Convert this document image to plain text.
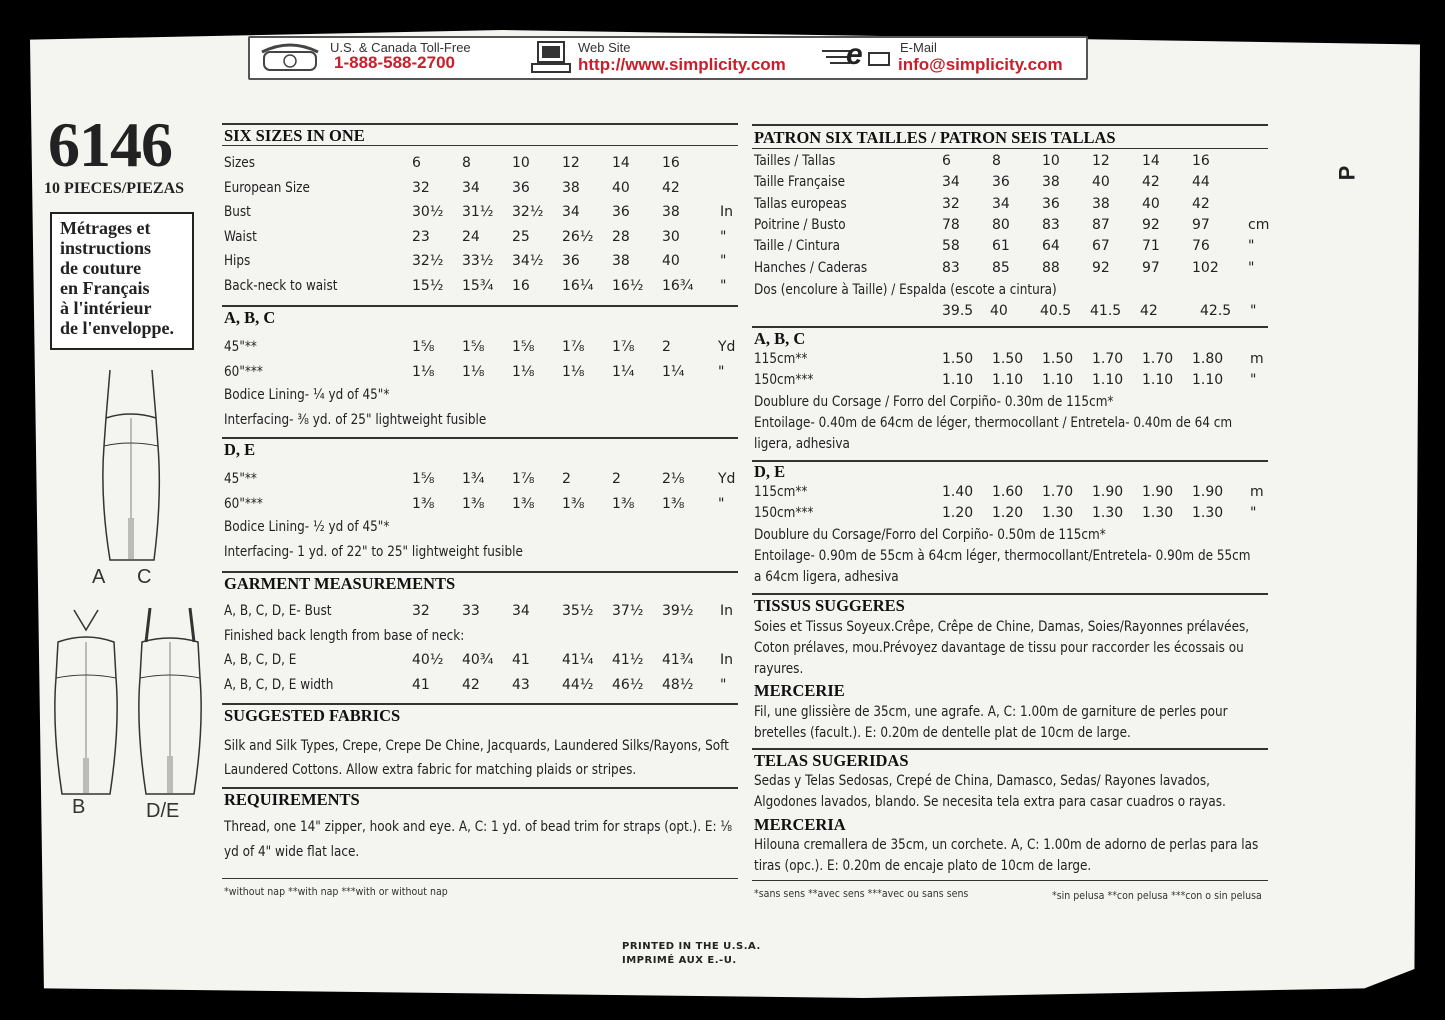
U.S. & Canada Toll-Free
1-888-588-2700
Web Site
http://www.simplicity.com e	E-Mail
info@simplicity.com
6146
10 PIECES/PIEZAS
Métrages et
instructions
de couture
en Français
à l'intérieur
de l'enveloppe.
A C
B	D/E
SIX SIZES IN ONE
Sizes	6	8	10 12 14 16
European Size	32 34 36 38 40 42
Bust	30½ 31½ 32½ 34 36 38	In
Waist	23 24 25 26½ 28 30	"
Hips	32½ 33½ 34½ 36 38 40	"
Back-neck to waist	15½ 15¾ 16 16¼ 16½ 16¾ "
A, B, C
45"**	1⅝ 1⅝ 1⅝ 1⅞ 1⅞ 2	Yd
60"***	1⅛ 1⅛ 1⅛ 1⅛ 1¼ 1¼ "
Bodice Lining- ¼ yd of 45"*
Interfacing- ⅜ yd. of 25" lightweight fusible
D, E
45"**	1⅝ 1¾ 1⅞ 2	2	2⅛ Yd
60"***	1⅜ 1⅜ 1⅜ 1⅜ 1⅜ 1⅜ "
Bodice Lining- ½ yd of 45"*
Interfacing- 1 yd. of 22" to 25" lightweight fusible
GARMENT MEASUREMENTS
A, B, C, D, E- Bust	32 33 34 35½ 37½ 39½ In
A, B, C, D, E	40½ 40¾ 41 41¼ 41½ 41¾ In
A, B, C, D, E width	41 42 43 44½ 46½ 48½ "
Finished back length from base of neck:
SUGGESTED FABRICS
Silk and Silk Types, Crepe, Crepe De Chine, Jacquards, Laundered Silks/Rayons, Soft
Laundered Cottons. Allow extra fabric for matching plaids or stripes.
REQUIREMENTS
Thread, one 14" zipper, hook and eye. A, C: 1 yd. of bead trim for straps (opt.). E: ⅛
yd of 4" wide flat lace.
*without nap **with nap ***with or without nap
PATRON SIX TAILLES / PATRON SEIS TALLAS
Tailles / Tallas	6	8	10 12 14 16
Taille Française	34 36 38 40 42 44
Tallas europeas	32 34 36 38 40 42
Poitrine / Busto	78 80 83 87 92 97	cm
Taille / Cintura	58 61 64 67 71 76	"
Hanches / Caderas	83 85 88 92 97 102 "
Dos (encolure à Taille) / Espalda (escote a cintura)
39.5 40 40.5 41.5 42	42.5 "
A, B, C
115cm**	1.50 1.50 1.50 1.70 1.70 1.80 m
150cm***	1.10 1.10 1.10 1.10 1.10 1.10 "
Doublure du Corsage / Forro del Corpiño- 0.30m de 115cm*
Entoilage- 0.40m de 64cm de léger, thermocollant / Entretela- 0.40m de 64 cm
ligera, adhesiva
D, E
115cm**	1.40 1.60 1.70 1.90 1.90 1.90 m
150cm***	1.20 1.20 1.30 1.30 1.30 1.30 "
Doublure du Corsage/Forro del Corpiño- 0.50m de 115cm*
Entoilage- 0.90m de 55cm à 64cm léger, thermocollant/Entretela- 0.90m de 55cm
a 64cm ligera, adhesiva
TISSUS SUGGERES
Soies et Tissus Soyeux.Crêpe, Crêpe de Chine, Damas, Soies/Rayonnes prélavées,
Coton prélaves, mou.Prévoyez davantage de tissu pour raccorder les écossais ou
rayures.
MERCERIE
Fil, une glissière de 35cm, une agrafe. A, C: 1.00m de garniture de perles pour
bretelles (facult.). E: 0.20m de dentelle plat de 10cm de large.
TELAS SUGERIDAS
Sedas y Telas Sedosas, Crepé de China, Damasco, Sedas/ Rayones lavados,
Algodones lavados, blando. Se necesita tela extra para casar cuadros o rayas.
MERCERIA
Hilouna cremallera de 35cm, un corchete. A, C: 1.00m de adorno de perlas para las
tiras (opc.). E: 0.20m de encaje plato de 10cm de large.
*sans sens **avec sens ***avec ou sans sens	*sin pelusa **con pelusa ***con o sin pelusa
PRINTED IN THE U.S.A.
IMPRIMÉ AUX E.-U.
P
